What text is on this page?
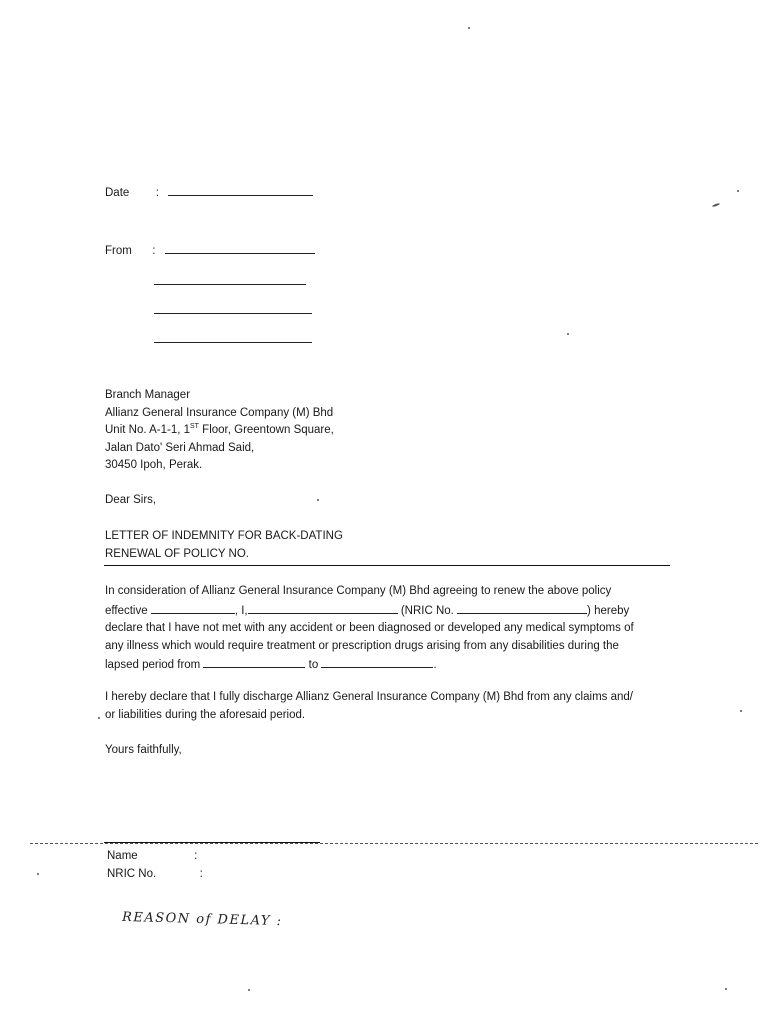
Date :
From :
Branch Manager
Allianz General Insurance Company (M) Bhd
Unit No. A-1-1, 1ST Floor, Greentown Square,
Jalan Dato' Seri Ahmad Said,
30450 Ipoh, Perak.
Dear Sirs,
LETTER OF INDEMNITY FOR BACK-DATING
RENEWAL OF POLICY NO.
In consideration of Allianz General Insurance Company (M) Bhd agreeing to renew the above policy
effective	, I,	(NRIC No.	) hereby
declare that I have not met with any accident or been diagnosed or developed any medical symptoms of
any illness which would require treatment or prescription drugs arising from any disabilities during the
lapsed period from	to	.
I hereby declare that I fully discharge Allianz General Insurance Company (M) Bhd from any claims and/
or liabilities during the aforesaid period.
Yours faithfully,
Name	:
NRIC No.	:
REASON of DELAY :
